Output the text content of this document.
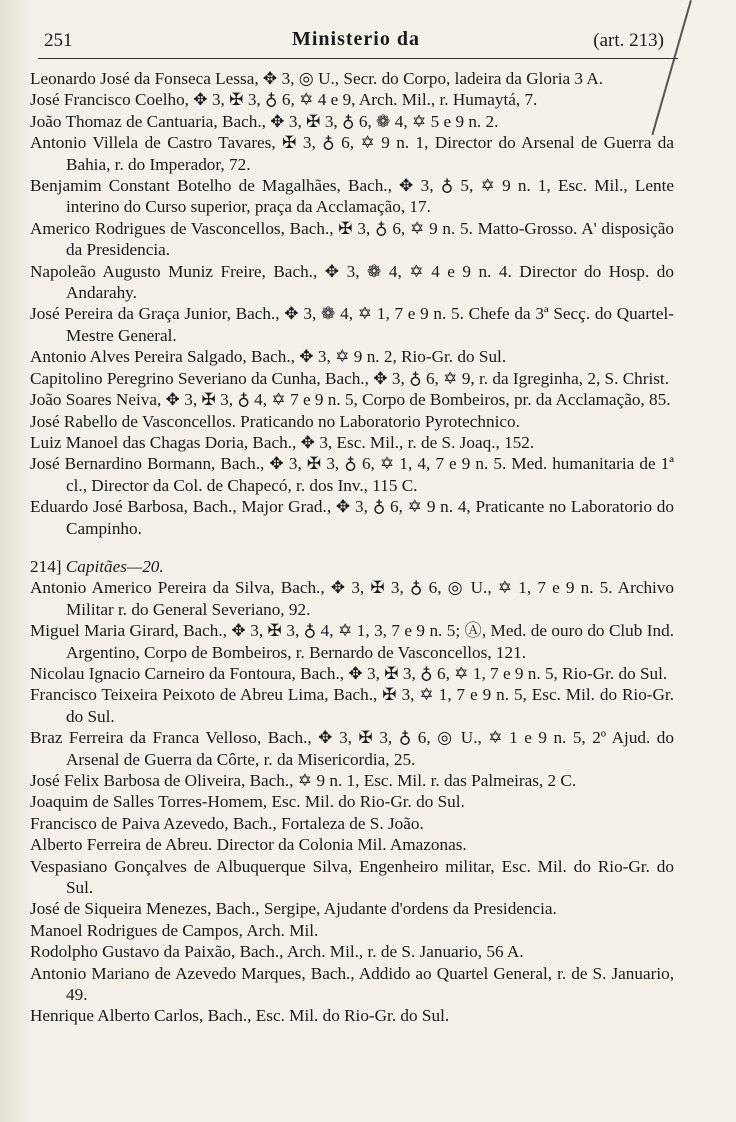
251	Ministerio da	(art. 213)

Leonardo José da Fonseca Lessa, ✥ 3, ◎ U., Secr. do Corpo, ladeira da Gloria 3 A.

José Francisco Coelho, ✥ 3, ✠ 3, ♁ 6, ✡ 4 e 9, Arch. Mil., r. Humaytá, 7.

João Thomaz de Cantuaria, Bach., ✥ 3, ✠ 3, ♁ 6, ❁ 4, ✡ 5 e 9 n. 2.

Antonio Villela de Castro Tavares, ✠ 3, ♁ 6, ✡ 9 n. 1, Director do Arsenal de Guerra da Bahia, r. do Imperador, 72.

Benjamim Constant Botelho de Magalhães, Bach., ✥ 3, ♁ 5, ✡ 9 n. 1, Esc. Mil., Lente interino do Curso superior, praça da Acclamação, 17.

Americo Rodrigues de Vasconcellos, Bach., ✠ 3, ♁ 6, ✡ 9 n. 5. Matto-Grosso. A' disposição da Presidencia.

Napoleão Augusto Muniz Freire, Bach., ✥ 3, ❁ 4, ✡ 4 e 9 n. 4. Director do Hosp. do Andarahy.

José Pereira da Graça Junior, Bach., ✥ 3, ❁ 4, ✡ 1, 7 e 9 n. 5. Chefe da 3ª Secç. do Quartel-Mestre General.

Antonio Alves Pereira Salgado, Bach., ✥ 3, ✡ 9 n. 2, Rio-Gr. do Sul.

Capitolino Peregrino Severiano da Cunha, Bach., ✥ 3, ♁ 6, ✡ 9, r. da Igreginha, 2, S. Christ.

João Soares Neiva, ✥ 3, ✠ 3, ♁ 4, ✡ 7 e 9 n. 5, Corpo de Bombeiros, pr. da Acclamação, 85.

José Rabello de Vasconcellos. Praticando no Laboratorio Pyrotechnico.

Luiz Manoel das Chagas Doria, Bach., ✥ 3, Esc. Mil., r. de S. Joaq., 152.

José Bernardino Bormann, Bach., ✥ 3, ✠ 3, ♁ 6, ✡ 1, 4, 7 e 9 n. 5. Med. humanitaria de 1ª cl., Director da Col. de Chapecó, r. dos Inv., 115 C.

Eduardo José Barbosa, Bach., Major Grad., ✥ 3, ♁ 6, ✡ 9 n. 4, Praticante no Laboratorio do Campinho.

214] Capitães—20.

Antonio Americo Pereira da Silva, Bach., ✥ 3, ✠ 3, ♁ 6, ◎ U., ✡ 1, 7 e 9 n. 5. Archivo Militar r. do General Severiano, 92.

Miguel Maria Girard, Bach., ✥ 3, ✠ 3, ♁ 4, ✡ 1, 3, 7 e 9 n. 5; Ⓐ, Med. de ouro do Club Ind. Argentino, Corpo de Bombeiros, r. Bernardo de Vasconcellos, 121.

Nicolau Ignacio Carneiro da Fontoura, Bach., ✥ 3, ✠ 3, ♁ 6, ✡ 1, 7 e 9 n. 5, Rio-Gr. do Sul.

Francisco Teixeira Peixoto de Abreu Lima, Bach., ✠ 3, ✡ 1, 7 e 9 n. 5, Esc. Mil. do Rio-Gr. do Sul.

Braz Ferreira da Franca Velloso, Bach., ✥ 3, ✠ 3, ♁ 6, ◎ U., ✡ 1 e 9 n. 5, 2º Ajud. do Arsenal de Guerra da Côrte, r. da Misericordia, 25.

José Felix Barbosa de Oliveira, Bach., ✡ 9 n. 1, Esc. Mil. r. das Palmeiras, 2 C.

Joaquim de Salles Torres-Homem, Esc. Mil. do Rio-Gr. do Sul.

Francisco de Paiva Azevedo, Bach., Fortaleza de S. João.

Alberto Ferreira de Abreu. Director da Colonia Mil. Amazonas.

Vespasiano Gonçalves de Albuquerque Silva, Engenheiro militar, Esc. Mil. do Rio-Gr. do Sul.

José de Siqueira Menezes, Bach., Sergipe, Ajudante d'ordens da Presidencia.

Manoel Rodrigues de Campos, Arch. Mil.

Rodolpho Gustavo da Paixão, Bach., Arch. Mil., r. de S. Januario, 56 A.

Antonio Mariano de Azevedo Marques, Bach., Addido ao Quartel General, r. de S. Januario, 49.

Henrique Alberto Carlos, Bach., Esc. Mil. do Rio-Gr. do Sul.
